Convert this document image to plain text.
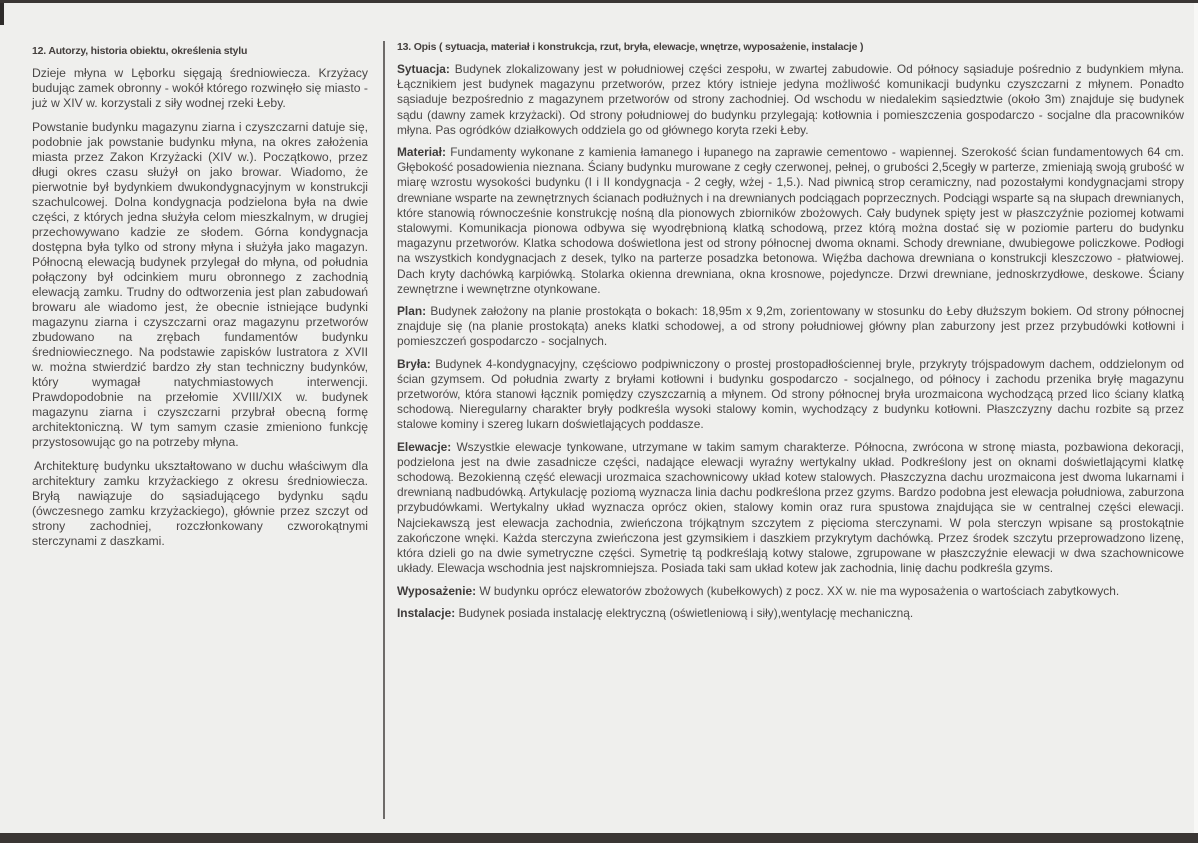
12. Autorzy, historia obiektu, określenia stylu

Dzieje młyna w Lęborku sięgają średniowiecza. Krzyżacy budując zamek obronny - wokół którego rozwinęło się miasto - już w XIV w. korzystali z siły wodnej rzeki Łeby.

Powstanie budynku magazynu ziarna i czyszczarni datuje się, podobnie jak powstanie budynku młyna, na okres założenia miasta przez Zakon Krzyżacki (XIV w.). Początkowo, przez długi okres czasu służył on jako browar. Wiadomo, że pierwotnie był bydynkiem dwukondygnacyjnym w konstrukcji szachulcowej. Dolna kondygnacja podzielona była na dwie części, z których jedna służyła celom mieszkalnym, w drugiej przechowywano kadzie ze słodem. Górna kondygnacja dostępna była tylko od strony młyna i służyła jako magazyn. Północną elewacją budynek przylegał do młyna, od południa połączony był odcinkiem muru obronnego z zachodnią elewacją zamku. Trudny do odtworzenia jest plan zabudowań browaru ale wiadomo jest, że obecnie istniejące budynki magazynu ziarna i czyszczarni oraz magazynu przetworów zbudowano na zrębach fundamentów budynku średniowiecznego. Na podstawie zapisków lustratora z XVII w. można stwierdzić bardzo zły stan techniczny budynków, który wymagał natychmiastowych interwencji. Prawdopodobnie na przełomie XVIII/XIX w. budynek magazynu ziarna i czyszczarni przybrał obecną formę architektoniczną. W tym samym czasie zmieniono funkcję przystosowując go na potrzeby młyna.

Architekturę budynku ukształtowano w duchu właściwym dla architektury zamku krzyżackiego z okresu średniowiecza. Bryłą nawiązuje do sąsiadującego bydynku sądu (ówczesnego zamku krzyżackiego), głównie przez szczyt od strony zachodniej, rozczłonkowany czworokątnymi sterczynami z daszkami.

13. Opis ( sytuacja, materiał i konstrukcja, rzut, bryła, elewacje, wnętrze, wyposażenie, instalacje )

Sytuacja: Budynek zlokalizowany jest w południowej części zespołu, w zwartej zabudowie. Od północy sąsiaduje pośrednio z budynkiem młyna. Łącznikiem jest budynek magazynu przetworów, przez który istnieje jedyna możliwość komunikacji budynku czyszczarni z młynem. Ponadto sąsiaduje bezpośrednio z magazynem przetworów od strony zachodniej. Od wschodu w niedalekim sąsiedztwie (około 3m) znajduje się budynek sądu (dawny zamek krzyżacki). Od strony południowej do budynku przylegają: kotłownia i pomieszczenia gospodarczo - socjalne dla pracowników młyna. Pas ogródków działkowych oddziela go od głównego koryta rzeki Łeby.

Materiał: Fundamenty wykonane z kamienia łamanego i łupanego na zaprawie cementowo - wapiennej. Szerokość ścian fundamentowych 64 cm. Głębokość posadowienia nieznana. Ściany budynku murowane z cegły czerwonej, pełnej, o grubości 2,5cegły w parterze, zmieniają swoją grubość w miarę wzrostu wysokości budynku (I i II kondygnacja - 2 cegły, wżej - 1,5.). Nad piwnicą strop ceramiczny, nad pozostałymi kondygnacjami stropy drewniane wsparte na zewnętrznych ścianach podłużnych i na drewnianych podciągach poprzecznych. Podciągi wsparte są na słupach drewnianych, które stanowią równocześnie konstrukcję nośną dla pionowych zbiorników zbożowych. Cały budynek spięty jest w płaszczyźnie poziomej kotwami stalowymi. Komunikacja pionowa odbywa się wyodrębnioną klatką schodową, przez którą można dostać się w poziomie parteru do budynku magazynu przetworów. Klatka schodowa doświetlona jest od strony północnej dwoma oknami. Schody drewniane, dwubiegowe policzkowe. Podłogi na wszystkich kondygnacjach z desek, tylko na parterze posadzka betonowa. Więźba dachowa drewniana o konstrukcji kleszczowo - płatwiowej. Dach kryty dachówką karpiówką. Stolarka okienna drewniana, okna krosnowe, pojedyncze. Drzwi drewniane, jednoskrzydłowe, deskowe. Ściany zewnętrzne i wewnętrzne otynkowane.

Plan: Budynek założony na planie prostokąta o bokach: 18,95m x 9,2m, zorientowany w stosunku do Łeby dłuższym bokiem. Od strony północnej znajduje się (na planie prostokąta) aneks klatki schodowej, a od strony południowej główny plan zaburzony jest przez przybudówki kotłowni i pomieszczeń gospodarczo - socjalnych.

Bryła: Budynek 4-kondygnacyjny, częściowo podpiwniczony o prostej prostopadłościennej bryle, przykryty trójspadowym dachem, oddzielonym od ścian gzymsem. Od południa zwarty z bryłami kotłowni i budynku gospodarczo - socjalnego, od północy i zachodu przenika bryłę magazynu przetworów, która stanowi łącznik pomiędzy czyszczarnią a młynem. Od strony północnej bryła urozmaicona wychodzącą przed lico ściany klatką schodową. Nieregularny charakter bryły podkreśla wysoki stalowy komin, wychodzący z budynku kotłowni. Płaszczyzny dachu rozbite są przez stalowe kominy i szereg lukarn doświetlających poddasze.

Elewacje: Wszystkie elewacje tynkowane, utrzymane w takim samym charakterze. Północna, zwrócona w stronę miasta, pozbawiona dekoracji, podzielona jest na dwie zasadnicze części, nadające elewacji wyraźny wertykalny układ. Podkreślony jest on oknami doświetlającymi klatkę schodową. Bezokienną część elewacji urozmaica szachownicowy układ kotew stalowych. Płaszczyzna dachu urozmaicona jest dwoma lukarnami i drewnianą nadbudówką. Artykulację poziomą wyznacza linia dachu podkreślona przez gzyms. Bardzo podobna jest elewacja południowa, zaburzona przybudówkami. Wertykalny układ wyznacza oprócz okien, stalowy komin oraz rura spustowa znajdująca sie w centralnej części elewacji. Najciekawszą jest elewacja zachodnia, zwieńczona trójkątnym szczytem z pięcioma sterczynami. W pola sterczyn wpisane są prostokątnie zakończone wnęki. Każda sterczyna zwieńczona jest gzymsikiem i daszkiem przykrytym dachówką. Przez środek szczytu przeprowadzono lizenę, która dzieli go na dwie symetryczne części. Symetrię tą podkreślają kotwy stalowe, zgrupowane w płaszczyźnie elewacji w dwa szachownicowe układy. Elewacja wschodnia jest najskromniejsza. Posiada taki sam układ kotew jak zachodnia, linię dachu podkreśla gzyms.

Wyposażenie: W budynku oprócz elewatorów zbożowych (kubełkowych) z pocz. XX w. nie ma wyposażenia o wartościach zabytkowych.

Instalacje: Budynek posiada instalację elektryczną (oświetleniową i siły),wentylację mechaniczną.
